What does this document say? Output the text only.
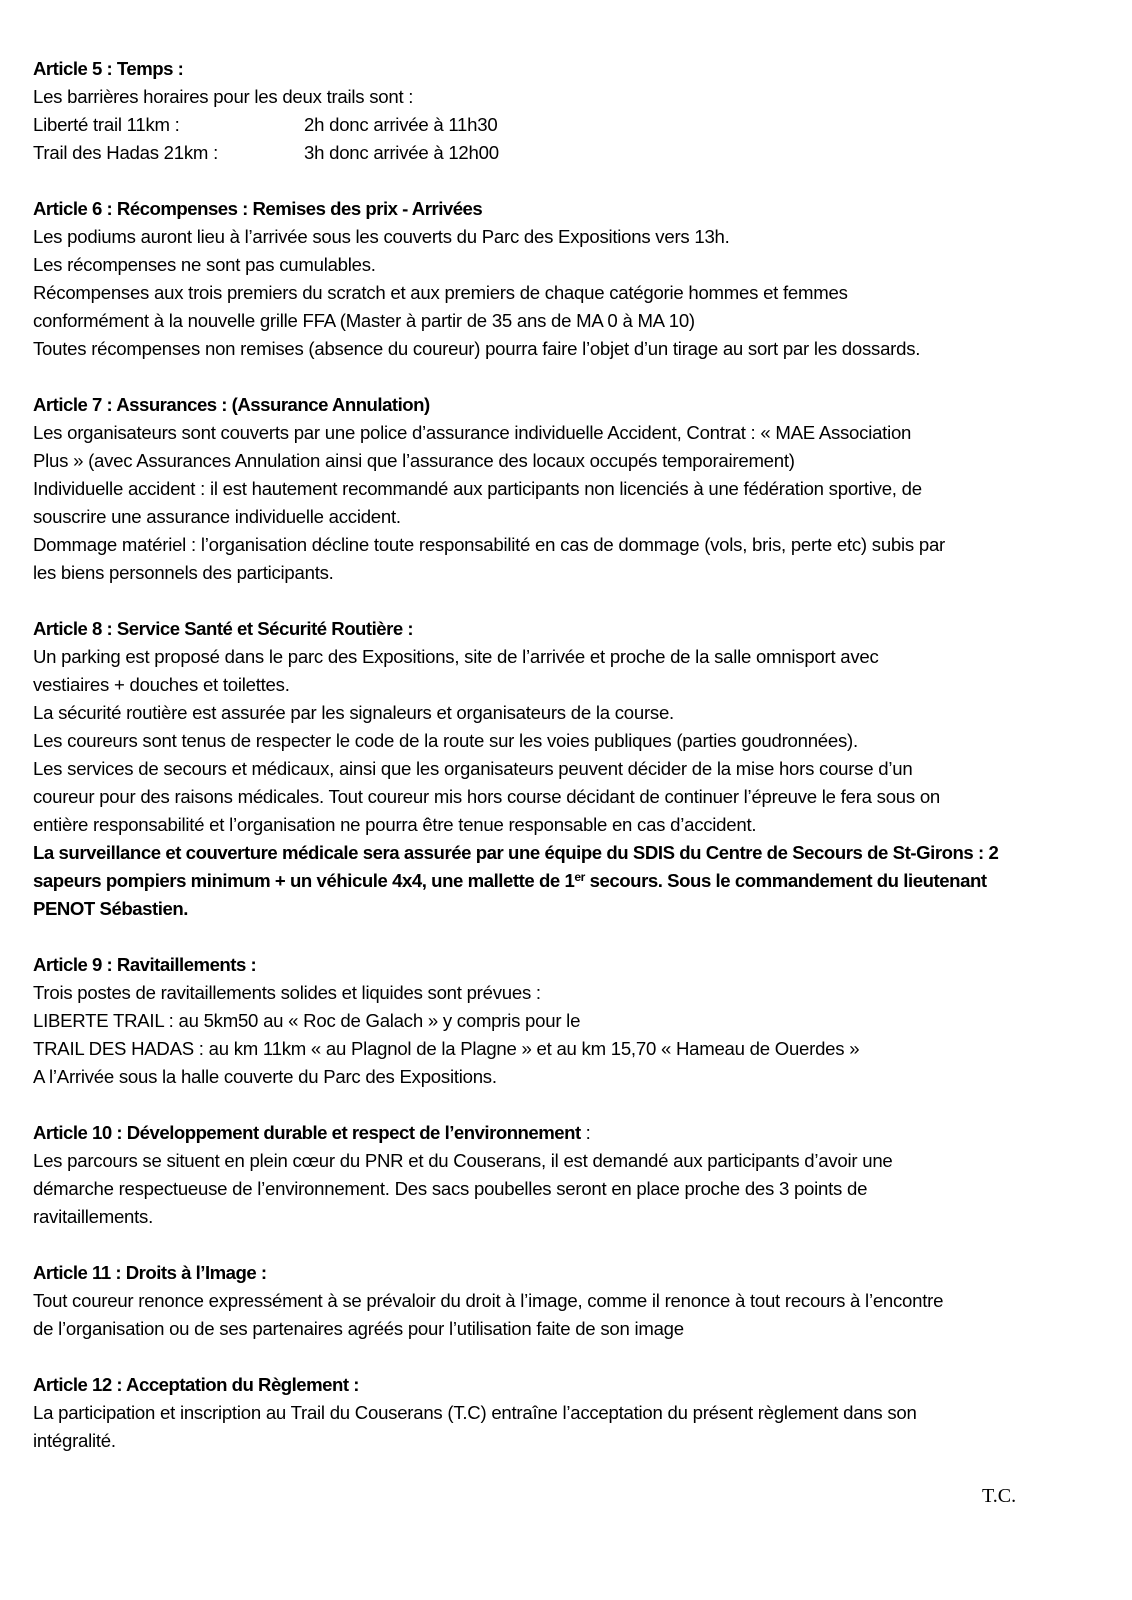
Article 5 : Temps :
Les barrières horaires pour les deux trails sont :
Liberté trail 11km :	2h donc arrivée à 11h30
Trail des Hadas 21km :	3h donc arrivée à 12h00
Article 6 : Récompenses : Remises des prix - Arrivées
Les podiums auront lieu à l’arrivée sous les couverts du Parc des Expositions vers 13h.
Les récompenses ne sont pas cumulables.
Récompenses aux trois premiers du scratch et aux premiers de chaque catégorie hommes et femmes
conformément à la nouvelle grille FFA (Master à partir de 35 ans de MA 0 à MA 10)
Toutes récompenses non remises (absence du coureur) pourra faire l’objet d’un tirage au sort par les dossards.
Article 7 : Assurances : (Assurance Annulation)
Les organisateurs sont couverts par une police d’assurance individuelle Accident, Contrat : « MAE Association
Plus » (avec Assurances Annulation ainsi que l’assurance des locaux occupés temporairement)
Individuelle accident : il est hautement recommandé aux participants non licenciés à une fédération sportive, de
souscrire une assurance individuelle accident.
Dommage matériel : l’organisation décline toute responsabilité en cas de dommage (vols, bris, perte etc) subis par
les biens personnels des participants.
Article 8 : Service Santé et Sécurité Routière :
Un parking est proposé dans le parc des Expositions, site de l’arrivée et proche de la salle omnisport avec
vestiaires + douches et toilettes.
La sécurité routière est assurée par les signaleurs et organisateurs de la course.
Les coureurs sont tenus de respecter le code de la route sur les voies publiques (parties goudronnées).
Les services de secours et médicaux, ainsi que les organisateurs peuvent décider de la mise hors course d’un
coureur pour des raisons médicales. Tout coureur mis hors course décidant de continuer l’épreuve le fera sous on
entière responsabilité et l’organisation ne pourra être tenue responsable en cas d’accident.
La surveillance et couverture médicale sera assurée par une équipe du SDIS du Centre de Secours de St-Girons : 2
sapeurs pompiers minimum + un véhicule 4x4, une mallette de 1er secours. Sous le commandement du lieutenant
PENOT Sébastien.
Article 9 : Ravitaillements :
Trois postes de ravitaillements solides et liquides sont prévues :
LIBERTE TRAIL : au 5km50 au « Roc de Galach » y compris pour le
TRAIL DES HADAS : au km 11km « au Plagnol de la Plagne » et au km 15,70 « Hameau de Ouerdes »
A l’Arrivée sous la halle couverte du Parc des Expositions.
Article 10 : Développement durable et respect de l’environnement :
Les parcours se situent en plein cœur du PNR et du Couserans, il est demandé aux participants d’avoir une
démarche respectueuse de l’environnement. Des sacs poubelles seront en place proche des 3 points de
ravitaillements.
Article 11 : Droits à l’Image :
Tout coureur renonce expressément à se prévaloir du droit à l’image, comme il renonce à tout recours à l’encontre
de l’organisation ou de ses partenaires agréés pour l’utilisation faite de son image
Article 12 : Acceptation du Règlement :
La participation et inscription au Trail du Couserans (T.C) entraîne l’acceptation du présent règlement dans son
intégralité.
T.C.
